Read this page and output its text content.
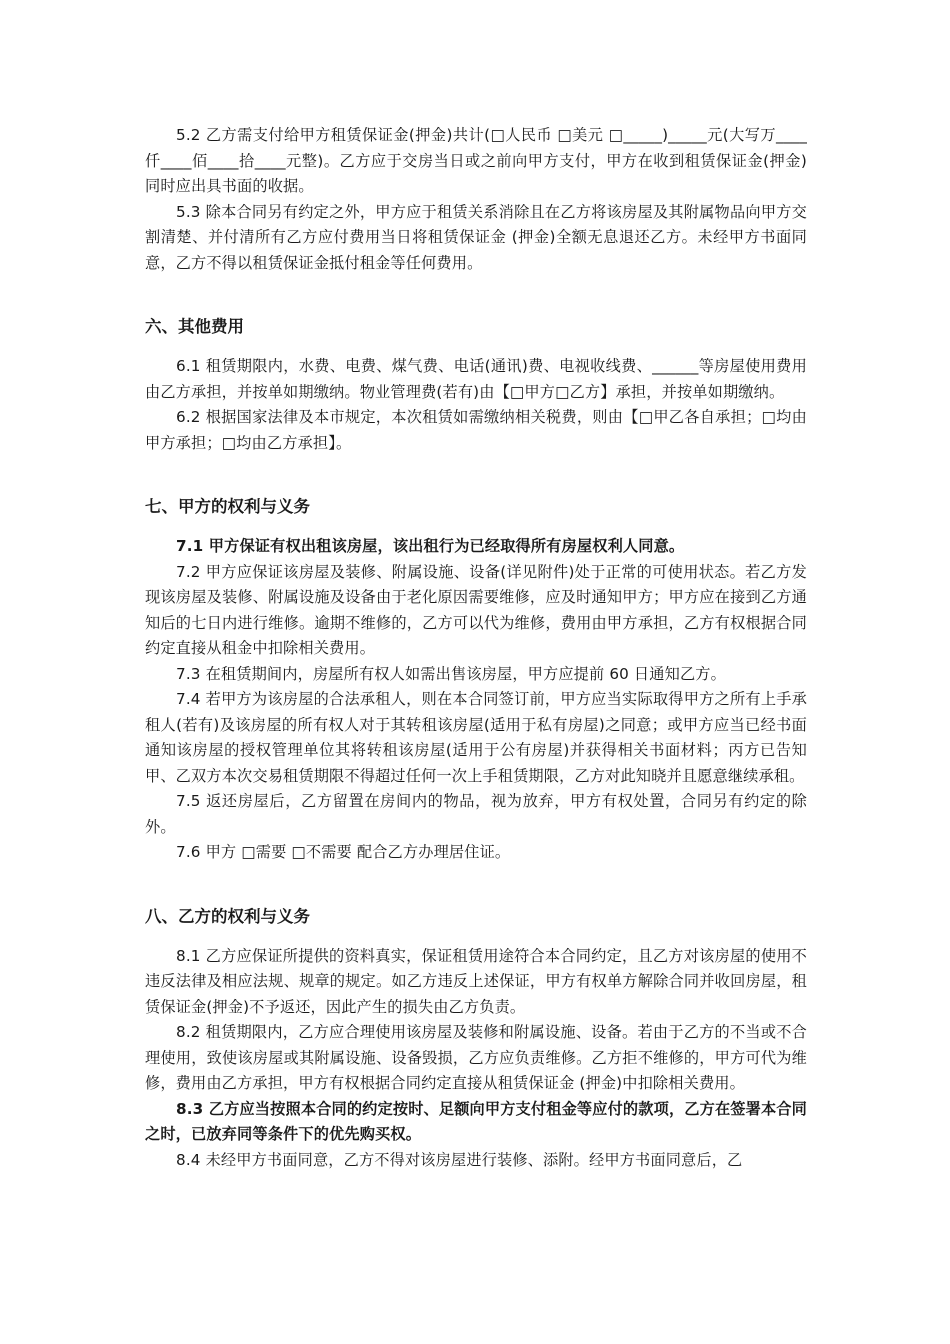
5.2 乙方需支付给甲方租赁保证金(押金)共计(□人民币 □美元 □_____)_____元(大写万____仟____佰____拾____元整)。乙方应于交房当日或之前向甲方支付，甲方在收到租赁保证金(押金)同时应出具书面的收据。

5.3 除本合同另有约定之外，甲方应于租赁关系消除且在乙方将该房屋及其附属物品向甲方交割清楚、并付清所有乙方应付费用当日将租赁保证金 (押金)全额无息退还乙方。未经甲方书面同意，乙方不得以租赁保证金抵付租金等任何费用。

六、其他费用

6.1 租赁期限内，水费、电费、煤气费、电话(通讯)费、电视收线费、______等房屋使用费用由乙方承担，并按单如期缴纳。物业管理费(若有)由【□甲方□乙方】承担，并按单如期缴纳。

6.2 根据国家法律及本市规定，本次租赁如需缴纳相关税费，则由【□甲乙各自承担；□均由甲方承担；□均由乙方承担】。

七、甲方的权利与义务

7.1 甲方保证有权出租该房屋，该出租行为已经取得所有房屋权利人同意。

7.2 甲方应保证该房屋及装修、附属设施、设备(详见附件)处于正常的可使用状态。若乙方发现该房屋及装修、附属设施及设备由于老化原因需要维修，应及时通知甲方；甲方应在接到乙方通知后的七日内进行维修。逾期不维修的，乙方可以代为维修，费用由甲方承担，乙方有权根据合同约定直接从租金中扣除相关费用。

7.3 在租赁期间内，房屋所有权人如需出售该房屋，甲方应提前 60 日通知乙方。

7.4 若甲方为该房屋的合法承租人，则在本合同签订前，甲方应当实际取得甲方之所有上手承租人(若有)及该房屋的所有权人对于其转租该房屋(适用于私有房屋)之同意；或甲方应当已经书面通知该房屋的授权管理单位其将转租该房屋(适用于公有房屋)并获得相关书面材料；丙方已告知甲、乙双方本次交易租赁期限不得超过任何一次上手租赁期限，乙方对此知晓并且愿意继续承租。

7.5 返还房屋后，乙方留置在房间内的物品，视为放弃，甲方有权处置，合同另有约定的除外。

7.6 甲方 □需要 □不需要 配合乙方办理居住证。

八、乙方的权利与义务

8.1 乙方应保证所提供的资料真实，保证租赁用途符合本合同约定，且乙方对该房屋的使用不违反法律及相应法规、规章的规定。如乙方违反上述保证，甲方有权单方解除合同并收回房屋，租赁保证金(押金)不予返还，因此产生的损失由乙方负责。

8.2 租赁期限内，乙方应合理使用该房屋及装修和附属设施、设备。若由于乙方的不当或不合理使用，致使该房屋或其附属设施、设备毁损，乙方应负责维修。乙方拒不维修的，甲方可代为维修，费用由乙方承担，甲方有权根据合同约定直接从租赁保证金 (押金)中扣除相关费用。

8.3 乙方应当按照本合同的约定按时、足额向甲方支付租金等应付的款项，乙方在签署本合同之时，已放弃同等条件下的优先购买权。

8.4 未经甲方书面同意，乙方不得对该房屋进行装修、添附。经甲方书面同意后，乙
